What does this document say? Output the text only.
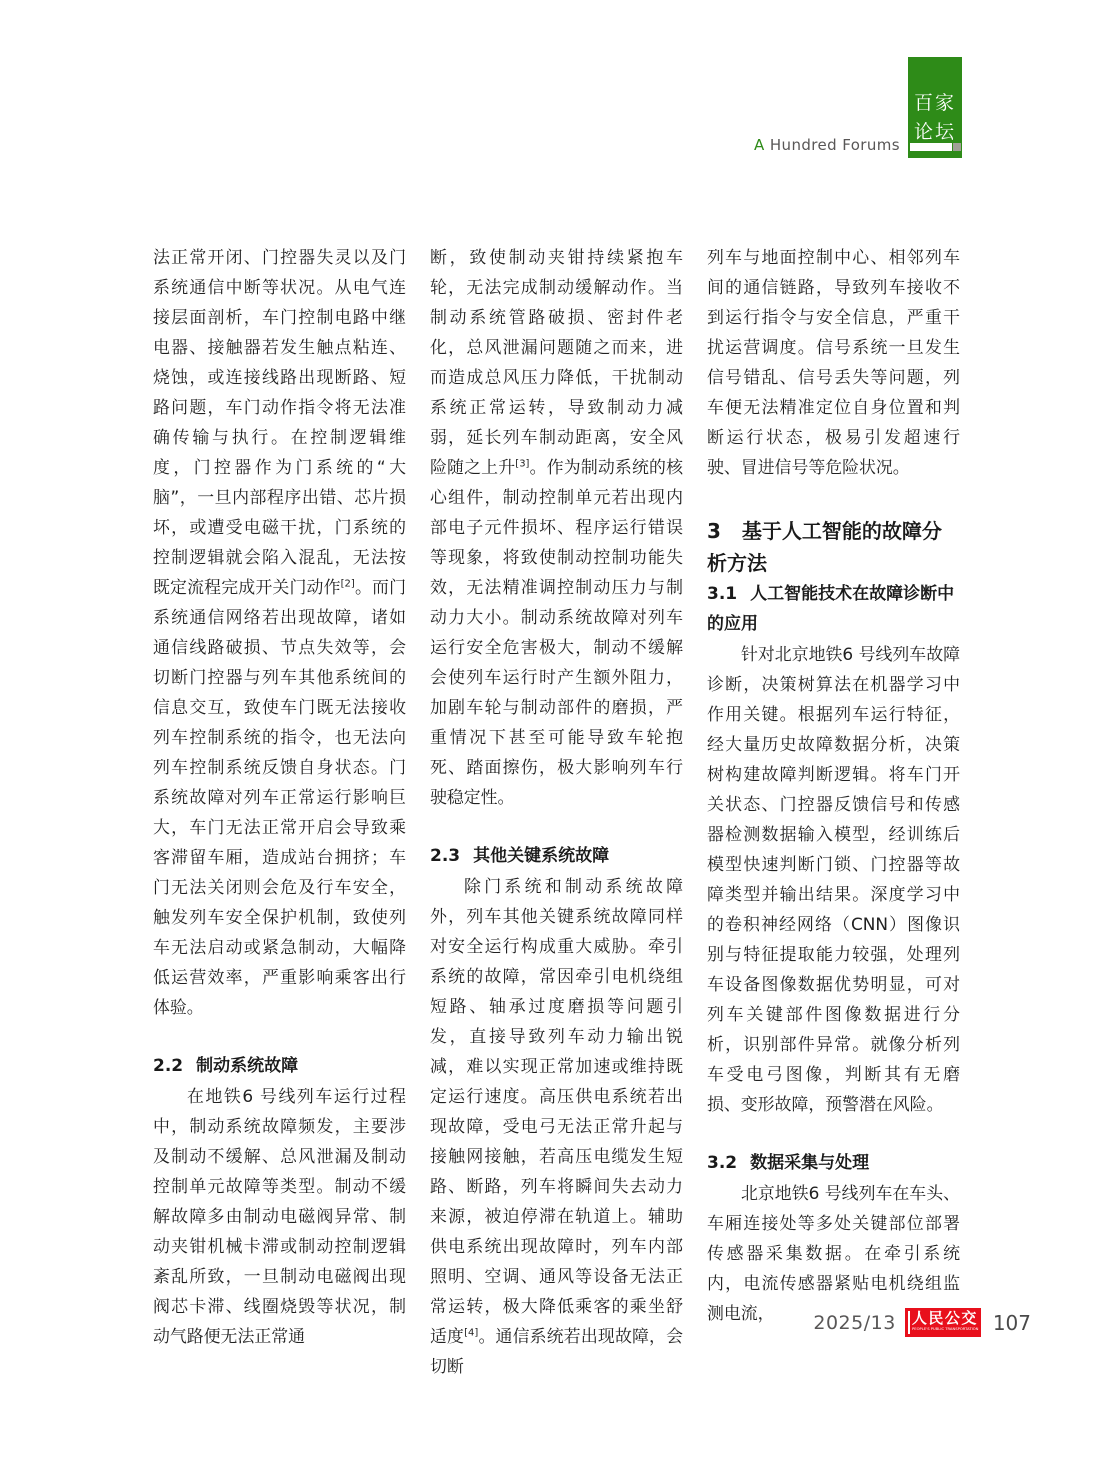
A Hundred Forums
百家
论坛

法正常开闭、门控器失灵以及门系统通信中断等状况。从电气连接层面剖析，车门控制电路中继电器、接触器若发生触点粘连、烧蚀，或连接线路出现断路、短路问题，车门动作指令将无法准确传输与执行。在控制逻辑维度，门控器作为门系统的“大脑”，一旦内部程序出错、芯片损坏，或遭受电磁干扰，门系统的控制逻辑就会陷入混乱，无法按既定流程完成开关门动作[2]。而门系统通信网络若出现故障，诸如通信线路破损、节点失效等，会切断门控器与列车其他系统间的信息交互，致使车门既无法接收列车控制系统的指令，也无法向列车控制系统反馈自身状态。门系统故障对列车正常运行影响巨大，车门无法正常开启会导致乘客滞留车厢，造成站台拥挤；车门无法关闭则会危及行车安全，触发列车安全保护机制，致使列车无法启动或紧急制动，大幅降低运营效率，严重影响乘客出行体验。

2.2 制动系统故障

在地铁6 号线列车运行过程中，制动系统故障频发，主要涉及制动不缓解、总风泄漏及制动控制单元故障等类型。制动不缓解故障多由制动电磁阀异常、制动夹钳机械卡滞或制动控制逻辑紊乱所致，一旦制动电磁阀出现阀芯卡滞、线圈烧毁等状况，制动气路便无法正常通

断，致使制动夹钳持续紧抱车轮，无法完成制动缓解动作。当制动系统管路破损、密封件老化，总风泄漏问题随之而来，进而造成总风压力降低，干扰制动系统正常运转，导致制动力减弱，延长列车制动距离，安全风险随之上升[3]。作为制动系统的核心组件，制动控制单元若出现内部电子元件损坏、程序运行错误等现象，将致使制动控制功能失效，无法精准调控制动压力与制动力大小。制动系统故障对列车运行安全危害极大，制动不缓解会使列车运行时产生额外阻力，加剧车轮与制动部件的磨损，严重情况下甚至可能导致车轮抱死、踏面擦伤，极大影响列车行驶稳定性。

2.3 其他关键系统故障

除门系统和制动系统故障外，列车其他关键系统故障同样对安全运行构成重大威胁。牵引系统的故障，常因牵引电机绕组短路、轴承过度磨损等问题引发，直接导致列车动力输出锐减，难以实现正常加速或维持既定运行速度。高压供电系统若出现故障，受电弓无法正常升起与接触网接触，若高压电缆发生短路、断路，列车将瞬间失去动力来源，被迫停滞在轨道上。辅助供电系统出现故障时，列车内部照明、空调、通风等设备无法正常运转，极大降低乘客的乘坐舒适度[4]。通信系统若出现故障，会切断

列车与地面控制中心、相邻列车间的通信链路，导致列车接收不到运行指令与安全信息，严重干扰运营调度。信号系统一旦发生信号错乱、信号丢失等问题，列车便无法精准定位自身位置和判断运行状态，极易引发超速行驶、冒进信号等危险状况。

3 基于人工智能的故障分析方法
3.1 人工智能技术在故障诊断中的应用

针对北京地铁6 号线列车故障诊断，决策树算法在机器学习中作用关键。根据列车运行特征，经大量历史故障数据分析，决策树构建故障判断逻辑。将车门开关状态、门控器反馈信号和传感器检测数据输入模型，经训练后模型快速判断门锁、门控器等故障类型并输出结果。深度学习中的卷积神经网络（CNN）图像识别与特征提取能力较强，处理列车设备图像数据优势明显，可对列车关键部件图像数据进行分析，识别部件异常。就像分析列车受电弓图像，判断其有无磨损、变形故障，预警潜在风险。

3.2 数据采集与处理

北京地铁6 号线列车在车头、车厢连接处等多处关键部位部署传感器采集数据。在牵引系统内，电流传感器紧贴电机绕组监测电流，	2025/13 人民公交
PEOPLE'S PUBLIC TRANSPORTATION 107
